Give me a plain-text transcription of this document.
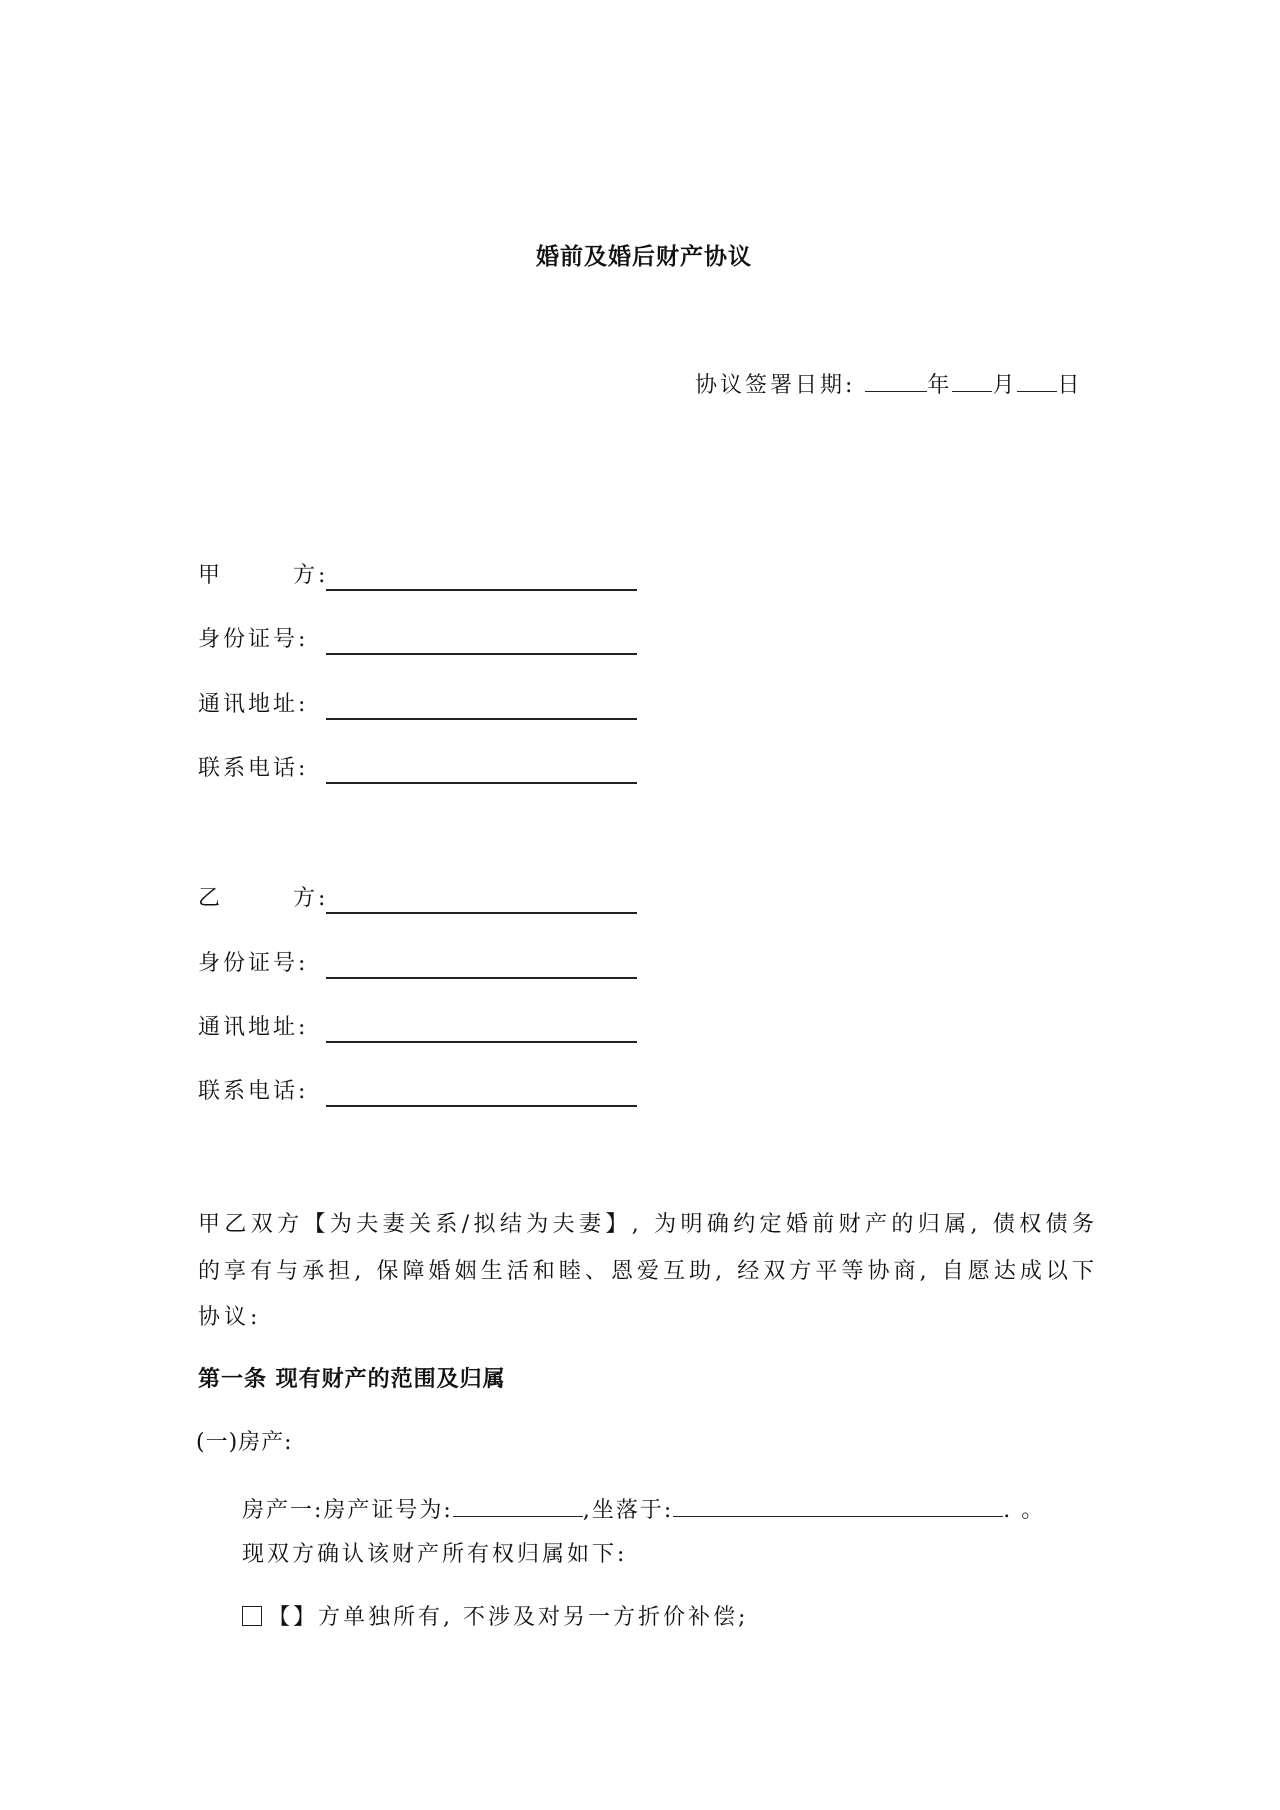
婚前及婚后财产协议
协议签署日期:	年 月 日
甲	方:
身份证号:
通讯地址:
联系电话:
乙	方:
身份证号:
通讯地址:
联系电话:
甲乙双方【为夫妻关系/拟结为夫妻】, 为明确约定婚前财产的归属, 债权债务的享有与承担, 保障婚姻生活和睦、恩爱互助, 经双方平等协商, 自愿达成以下协议:
第一条 现有财产的范围及归属
(一)房产:
房产一:房产证号为:	,坐落于:	. 。
现双方确认该财产所有权归属如下:
【】方单独所有, 不涉及对另一方折价补偿;
